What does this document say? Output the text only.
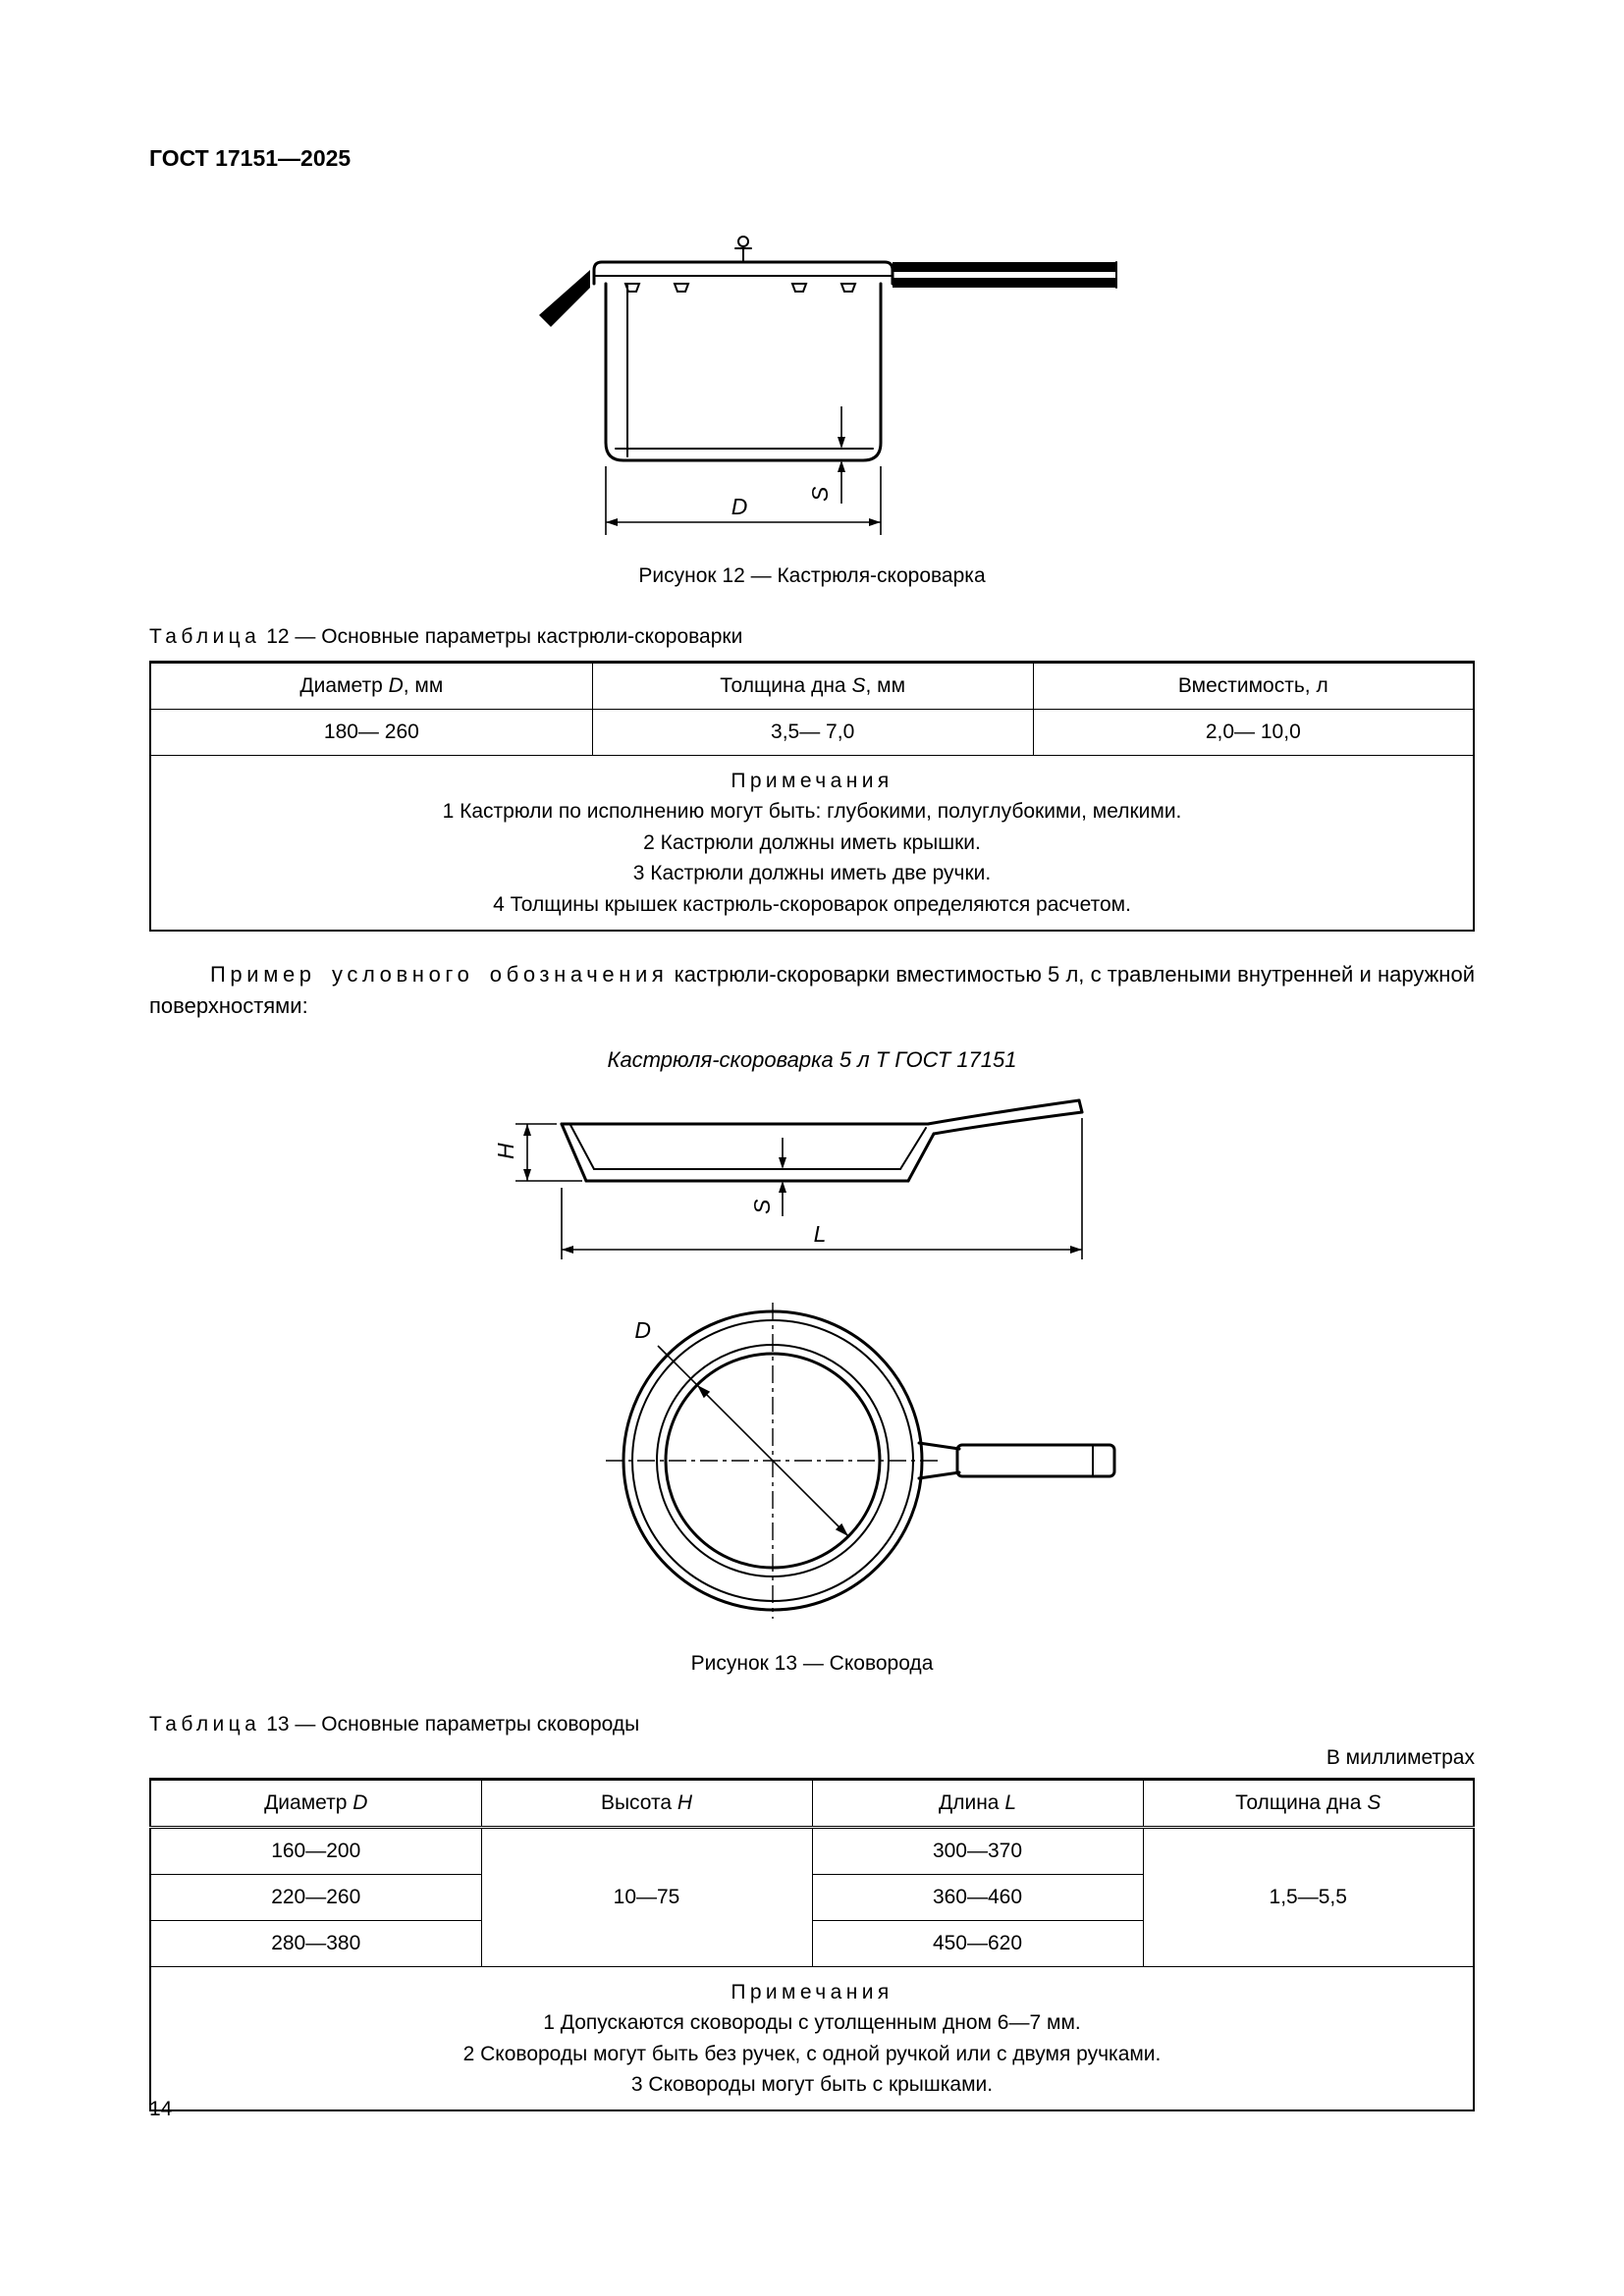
ГОСТ 17151—2025
S
D
Рисунок 12 — Кастрюля-скороварка
Таблица 12 — Основные параметры кастрюли-скороварки
Диаметр D, мм	Толщина дна S, мм	Вместимость, л
180— 260	3,5— 7,0	2,0— 10,0

Примечания
1 Кастрюли по исполнению могут быть: глубокими, полуглубокими, мелкими.
2 Кастрюли должны иметь крышки.
3 Кастрюли должны иметь две ручки.
4 Толщины крышек кастрюль-скороварок определяются расчетом.		

Пример условного обозначения кастрюли-скороварки вместимостью 5 л, с травлеными внутренней и наружной поверхностями:

Кастрюля-скороварка 5 л Т ГОСТ 17151
H
S
L
D
Рисунок 13 — Сковорода
Таблица 13 — Основные параметры сковороды
В миллиметрах
Диаметр D	Высота H	Длина L	Толщина дна S
160—200	10—75	300—370	1,5—5,5
220—260		360—460	
280—380		450—620	

Примечания
1 Допускаются сковороды с утолщенным дном 6—7 мм.
2 Сковороды могут быть без ручек, с одной ручкой или с двумя ручками.
3 Сковороды могут быть с крышками.			
14
